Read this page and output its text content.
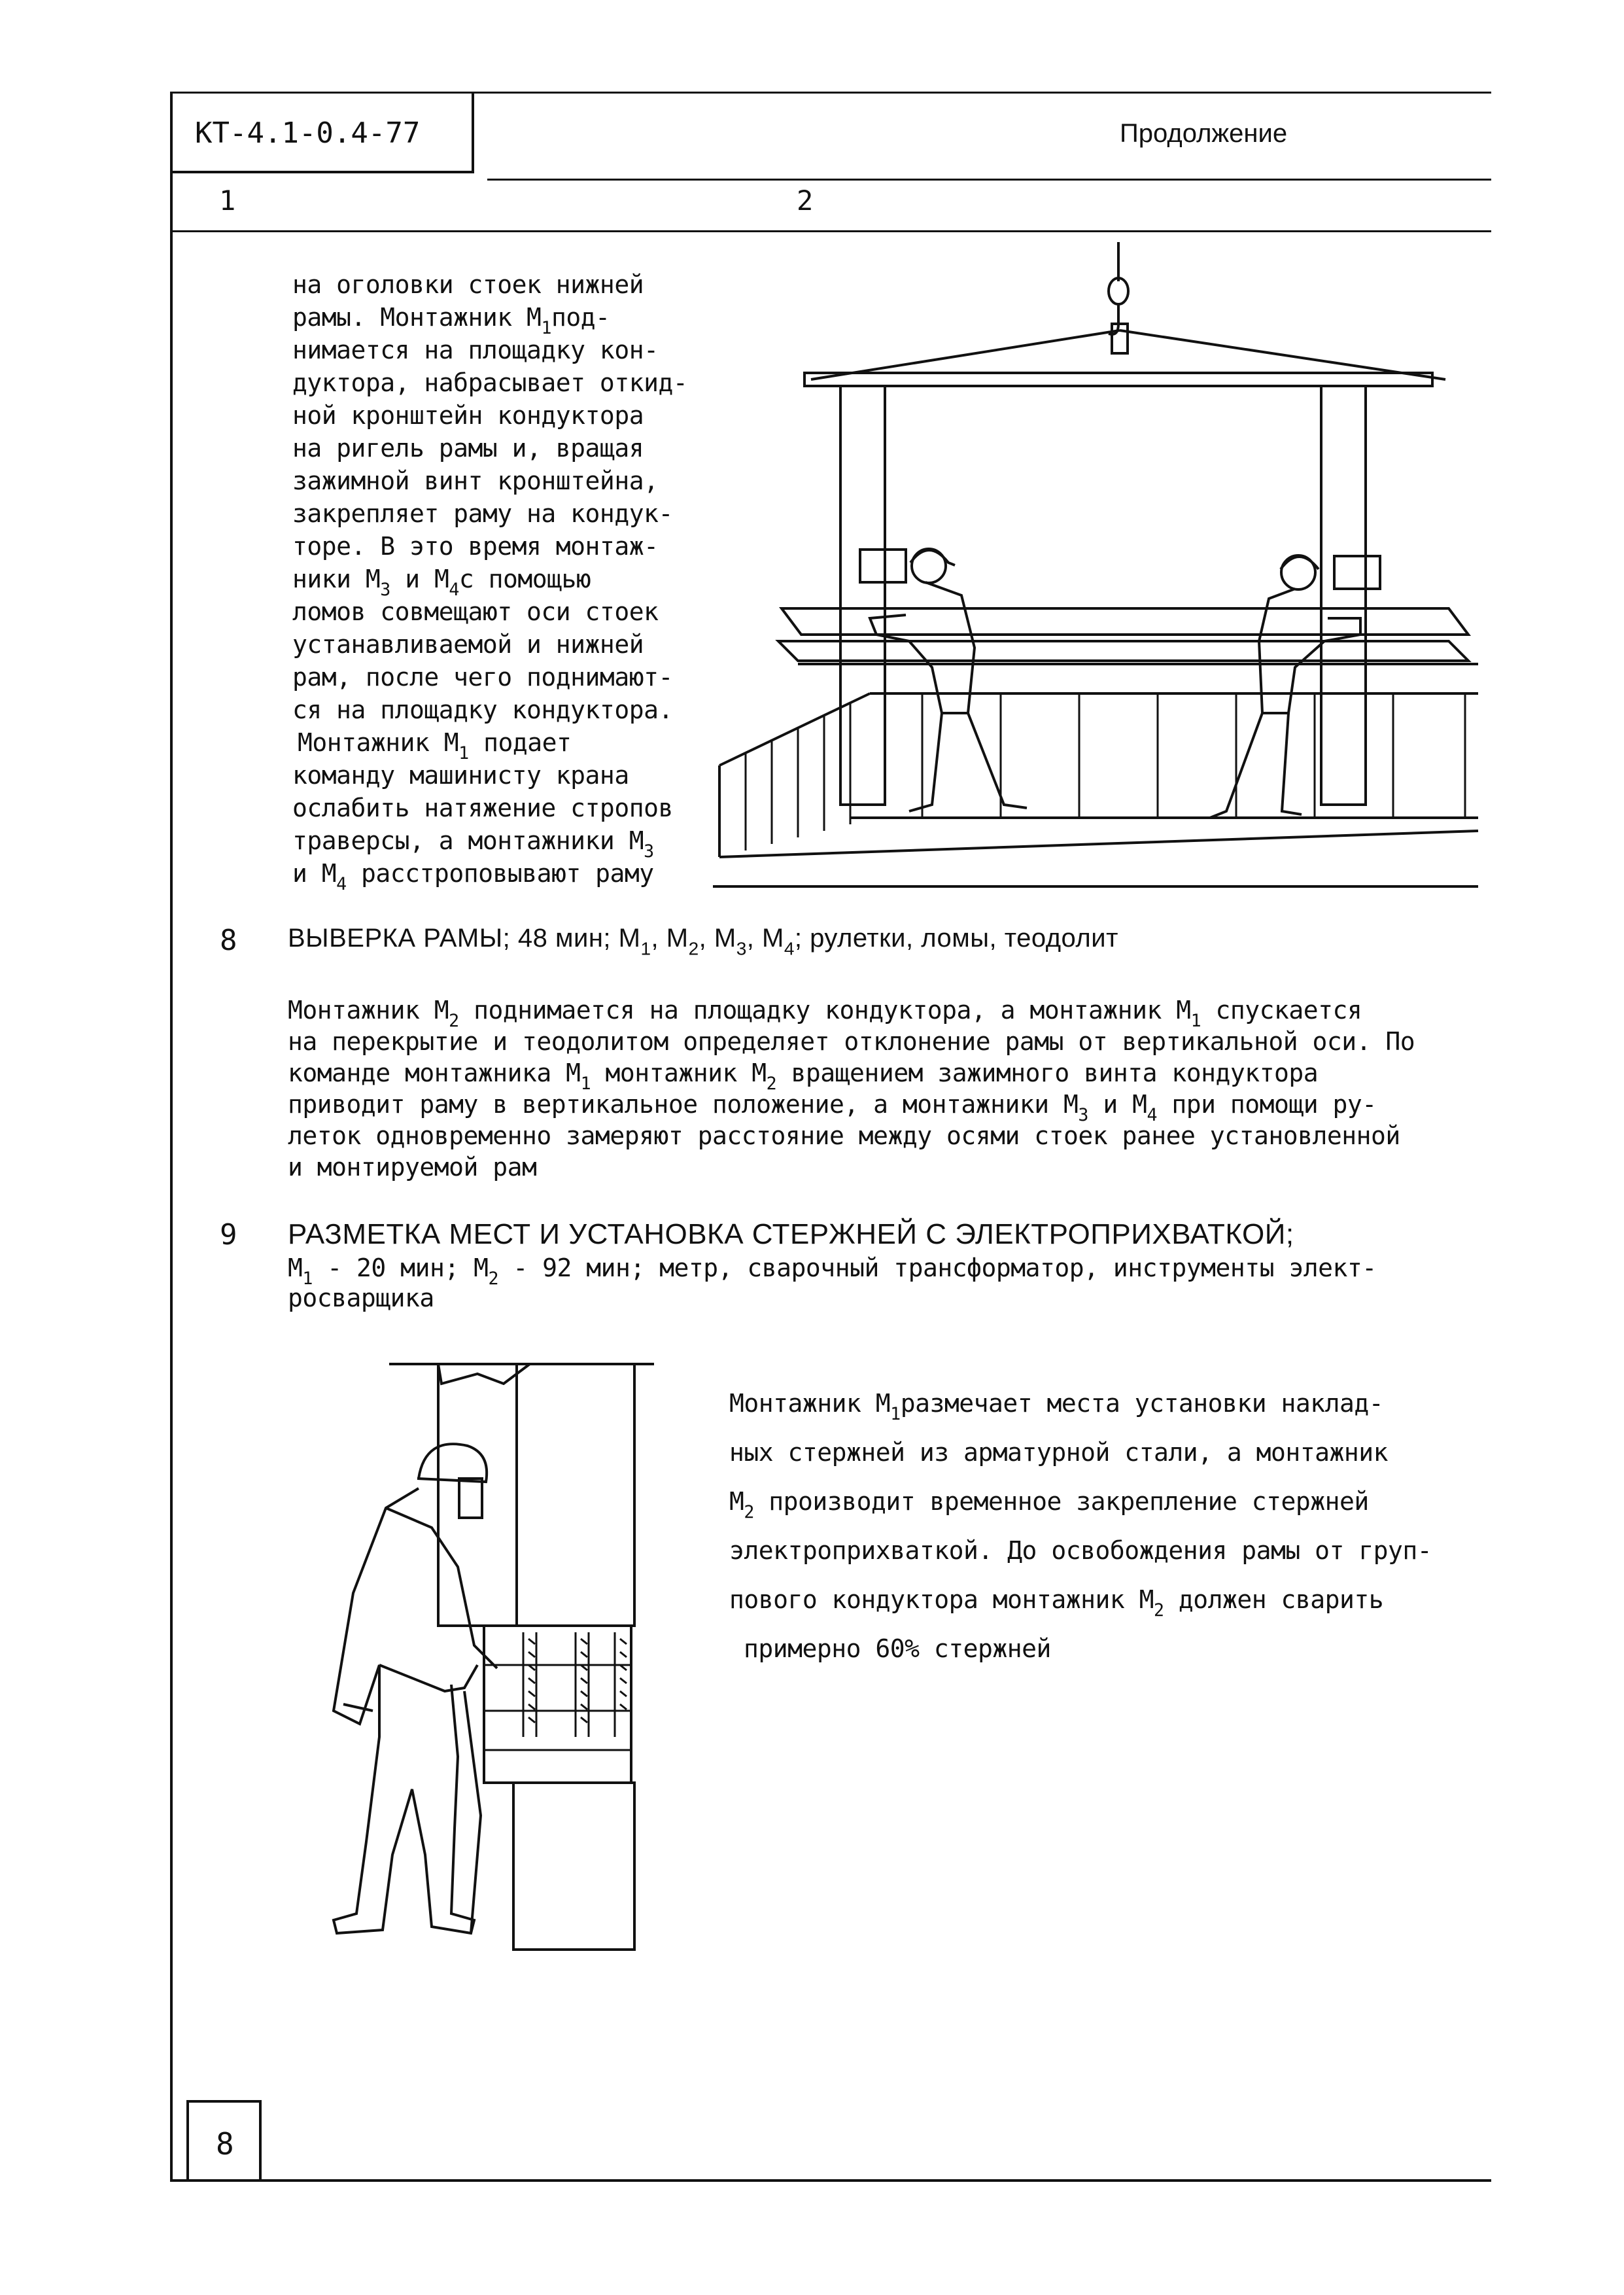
КТ-4.1-0.4-77	Продолжение
1	2
на оголовки стоек нижней
рамы. Монтажник $М_1под-$
нимается на площадку кон-
дуктора, набрасывает откид-
ной кронштейн кондуктора
на ригель рамы и, вращая
зажимной винт кронштейна,
закрепляет раму на кондук-
торе. В это время монтаж-
ники $М_3$ и $М_4с$ помощью
ломов совмещают оси стоек
устанавливаемой и нижней
рам, после чего поднимают-
ся на площадку кондуктора.
Монтажник $М_1$ подает
команду машинисту крана
ослабить натяжение стропов
траверсы, а монтажники $М_3$
и $М_4$ расстроповывают раму
8 ВЫВЕРКА РАМЫ; 48 мин; $М_1$, $М_2$, $М_3$, $М_4$; рулетки, ломы, теодолит
Монтажник $М_2$ поднимается на площадку кондуктора, а монтажник $М_1$ спускается
на перекрытие и теодолитом определяет отклонение рамы от вертикальной оси. По
команде монтажника $М_1$ монтажник $М_2$ вращением зажимного винта кондуктора
приводит раму в вертикальное положение, а монтажники $М_3$ и $М_4$ при помощи ру-
леток одновременно замеряют расстояние между осями стоек ранее установленной
и монтируемой рам
9 РАЗМЕТКА МЕСТ И УСТАНОВКА СТЕРЖНЕЙ С ЭЛЕКТРОПРИХВАТКОЙ;
$М_1 - 20$ мин; $М_2 - 92$ мин; метр, сварочный трансформатор, инструменты элект-
росварщика
Монтажник $М_1размечает$ места установки наклад-
ных стержней из арматурной стали, а монтажник
$М_2$ производит временное закрепление стержней
электроприхваткой. До освобождения рамы от груп-
пового кондуктора монтажник $М_2$ должен сварить
примерно 60% стержней
8
